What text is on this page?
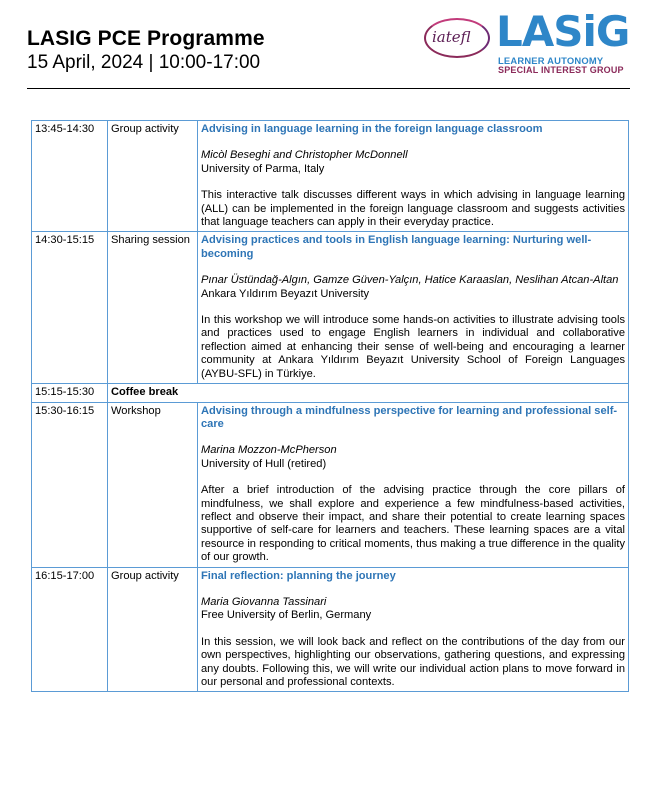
LASIG PCE Programme
15 April, 2024 | 10:00-17:00
iatefl LASiG
LEARNER AUTONOMY
SPECIAL INTEREST GROUP
13:45-14:30	Group activity	Advising in language learning in the foreign language classroom
Micòl Beseghi and Christopher McDonnell
University of Parma, Italy
This interactive talk discusses different ways in which advising in language learning (ALL) can be implemented in the foreign language classroom and suggests activities that language teachers can apply in their everyday practice.

14:30-15:15	Sharing session	Advising practices and tools in English language learning: Nurturing well-becoming
Pınar Üstündağ-Algın, Gamze Güven-Yalçın, Hatice Karaaslan, Neslihan Atcan-Altan
Ankara Yıldırım Beyazıt University
In this workshop we will introduce some hands-on activities to illustrate advising tools and practices used to engage English learners in individual and collaborative reflection aimed at enhancing their sense of well-being and encouraging a learner community at Ankara Yıldırım Beyazıt University School of Foreign Languages (AYBU-SFL) in Türkiye.

15:15-15:30	Coffee break	
15:30-16:15	Workshop	Advising through a mindfulness perspective for learning and professional self-care
Marina Mozzon-McPherson
University of Hull (retired)
After a brief introduction of the advising practice through the core pillars of mindfulness, we shall explore and experience a few mindfulness-based activities, reflect and observe their impact, and share their potential to create learning spaces supportive of self-care for learners and teachers. These learning spaces are a vital resource in responding to critical moments, thus making a true difference in the quality of our growth.

16:15-17:00	Group activity	Final reflection: planning the journey
Maria Giovanna Tassinari
Free University of Berlin, Germany
In this session, we will look back and reflect on the contributions of the day from our own perspectives, highlighting our observations, gathering questions, and expressing any doubts. Following this, we will write our individual action plans to move forward in our personal and professional contexts.
